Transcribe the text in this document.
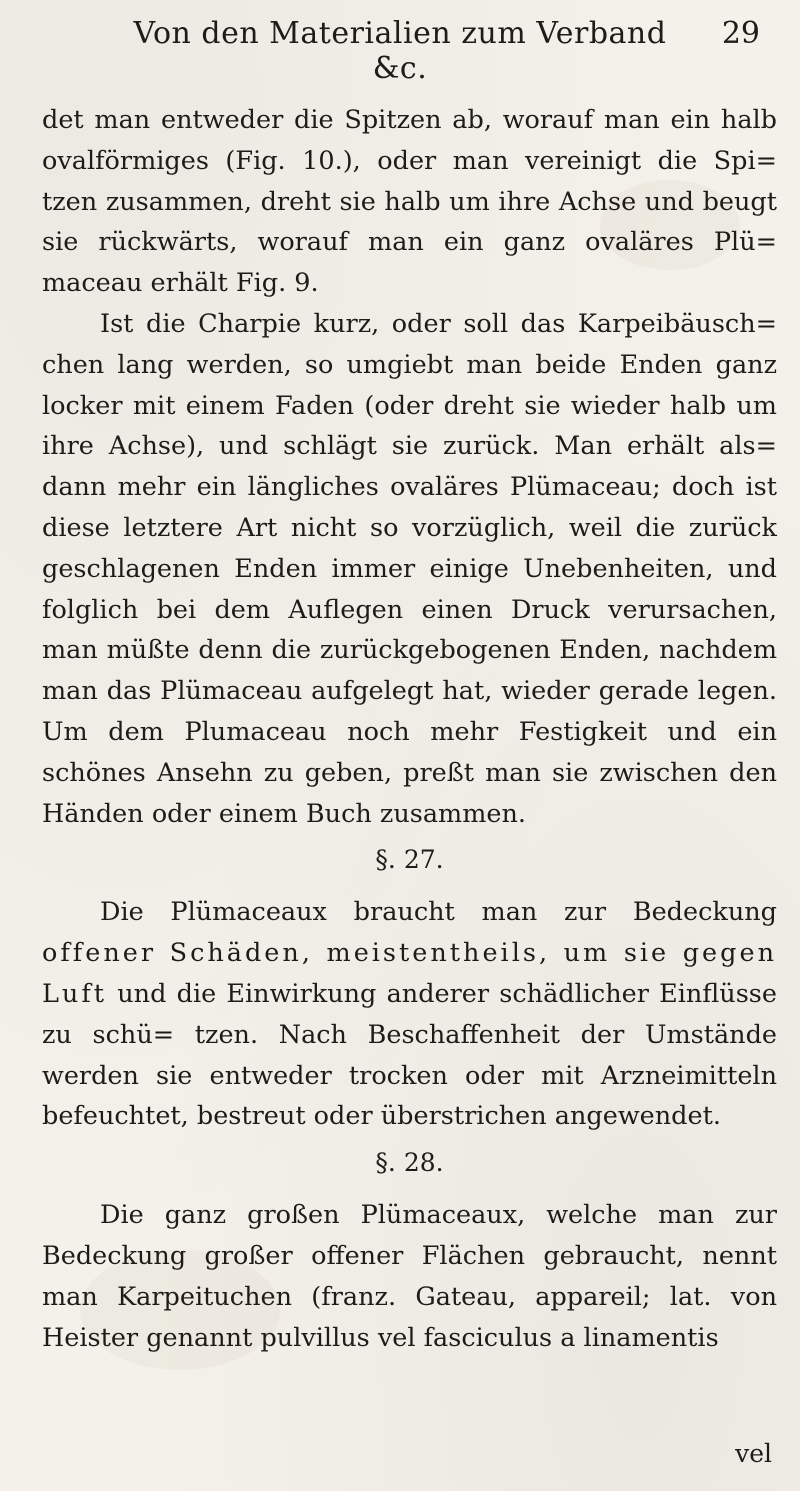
Von den Materialien zum Verband &c.
29

det man entweder die Spitzen ab, worauf man ein halb ovalförmiges (Fig. 10.), oder man vereinigt die Spi= tzen zusammen, dreht sie halb um ihre Achse und beugt sie rückwärts, worauf man ein ganz ovaläres Plü= maceau erhält Fig. 9.

Ist die Charpie kurz, oder soll das Karpeibäusch= chen lang werden, so umgiebt man beide Enden ganz locker mit einem Faden (oder dreht sie wieder halb um ihre Achse), und schlägt sie zurück. Man erhält als= dann mehr ein längliches ovaläres Plümaceau; doch ist diese letztere Art nicht so vorzüglich, weil die zurück geschlagenen Enden immer einige Unebenheiten, und folglich bei dem Auflegen einen Druck verursachen, man müßte denn die zurückgebogenen Enden, nachdem man das Plümaceau aufgelegt hat, wieder gerade legen. Um dem Plumaceau noch mehr Festigkeit und ein schönes Ansehn zu geben, preßt man sie zwischen den Händen oder einem Buch zusammen.

§. 27.

Die Plümaceaux braucht man zur Bedeckung offener Schäden, meistentheils, um sie gegen Luft und die Einwirkung anderer schädlicher Einflüsse zu schü= tzen. Nach Beschaffenheit der Umstände werden sie entweder trocken oder mit Arzneimitteln befeuchtet, bestreut oder überstrichen angewendet.

§. 28.

Die ganz großen Plümaceaux, welche man zur Bedeckung großer offener Flächen gebraucht, nennt man Karpeituchen (franz. Gateau, appareil; lat. von Heister genannt pulvillus vel fasciculus a linamentis

vel
